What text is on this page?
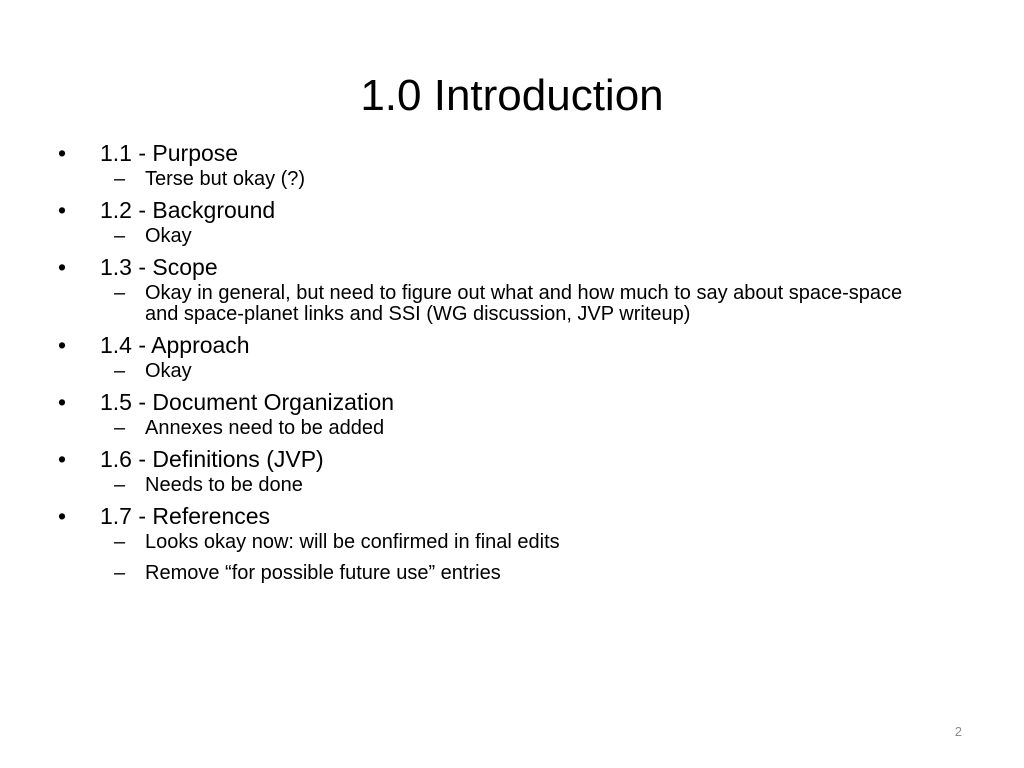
1.0 Introduction
•	1.1 - Purpose
– Terse but okay (?)
•	1.2 - Background
– Okay
•	1.3 - Scope
– Okay in general, but need to figure out what and how much to say about space-space and space-planet links and SSI (WG discussion, JVP writeup)
•	1.4 - Approach
– Okay
•	1.5 - Document Organization
– Annexes need to be added
•	1.6 - Definitions (JVP)
– Needs to be done
•	1.7 - References
– Looks okay now: will be confirmed in final edits
– Remove “for possible future use” entries
2
